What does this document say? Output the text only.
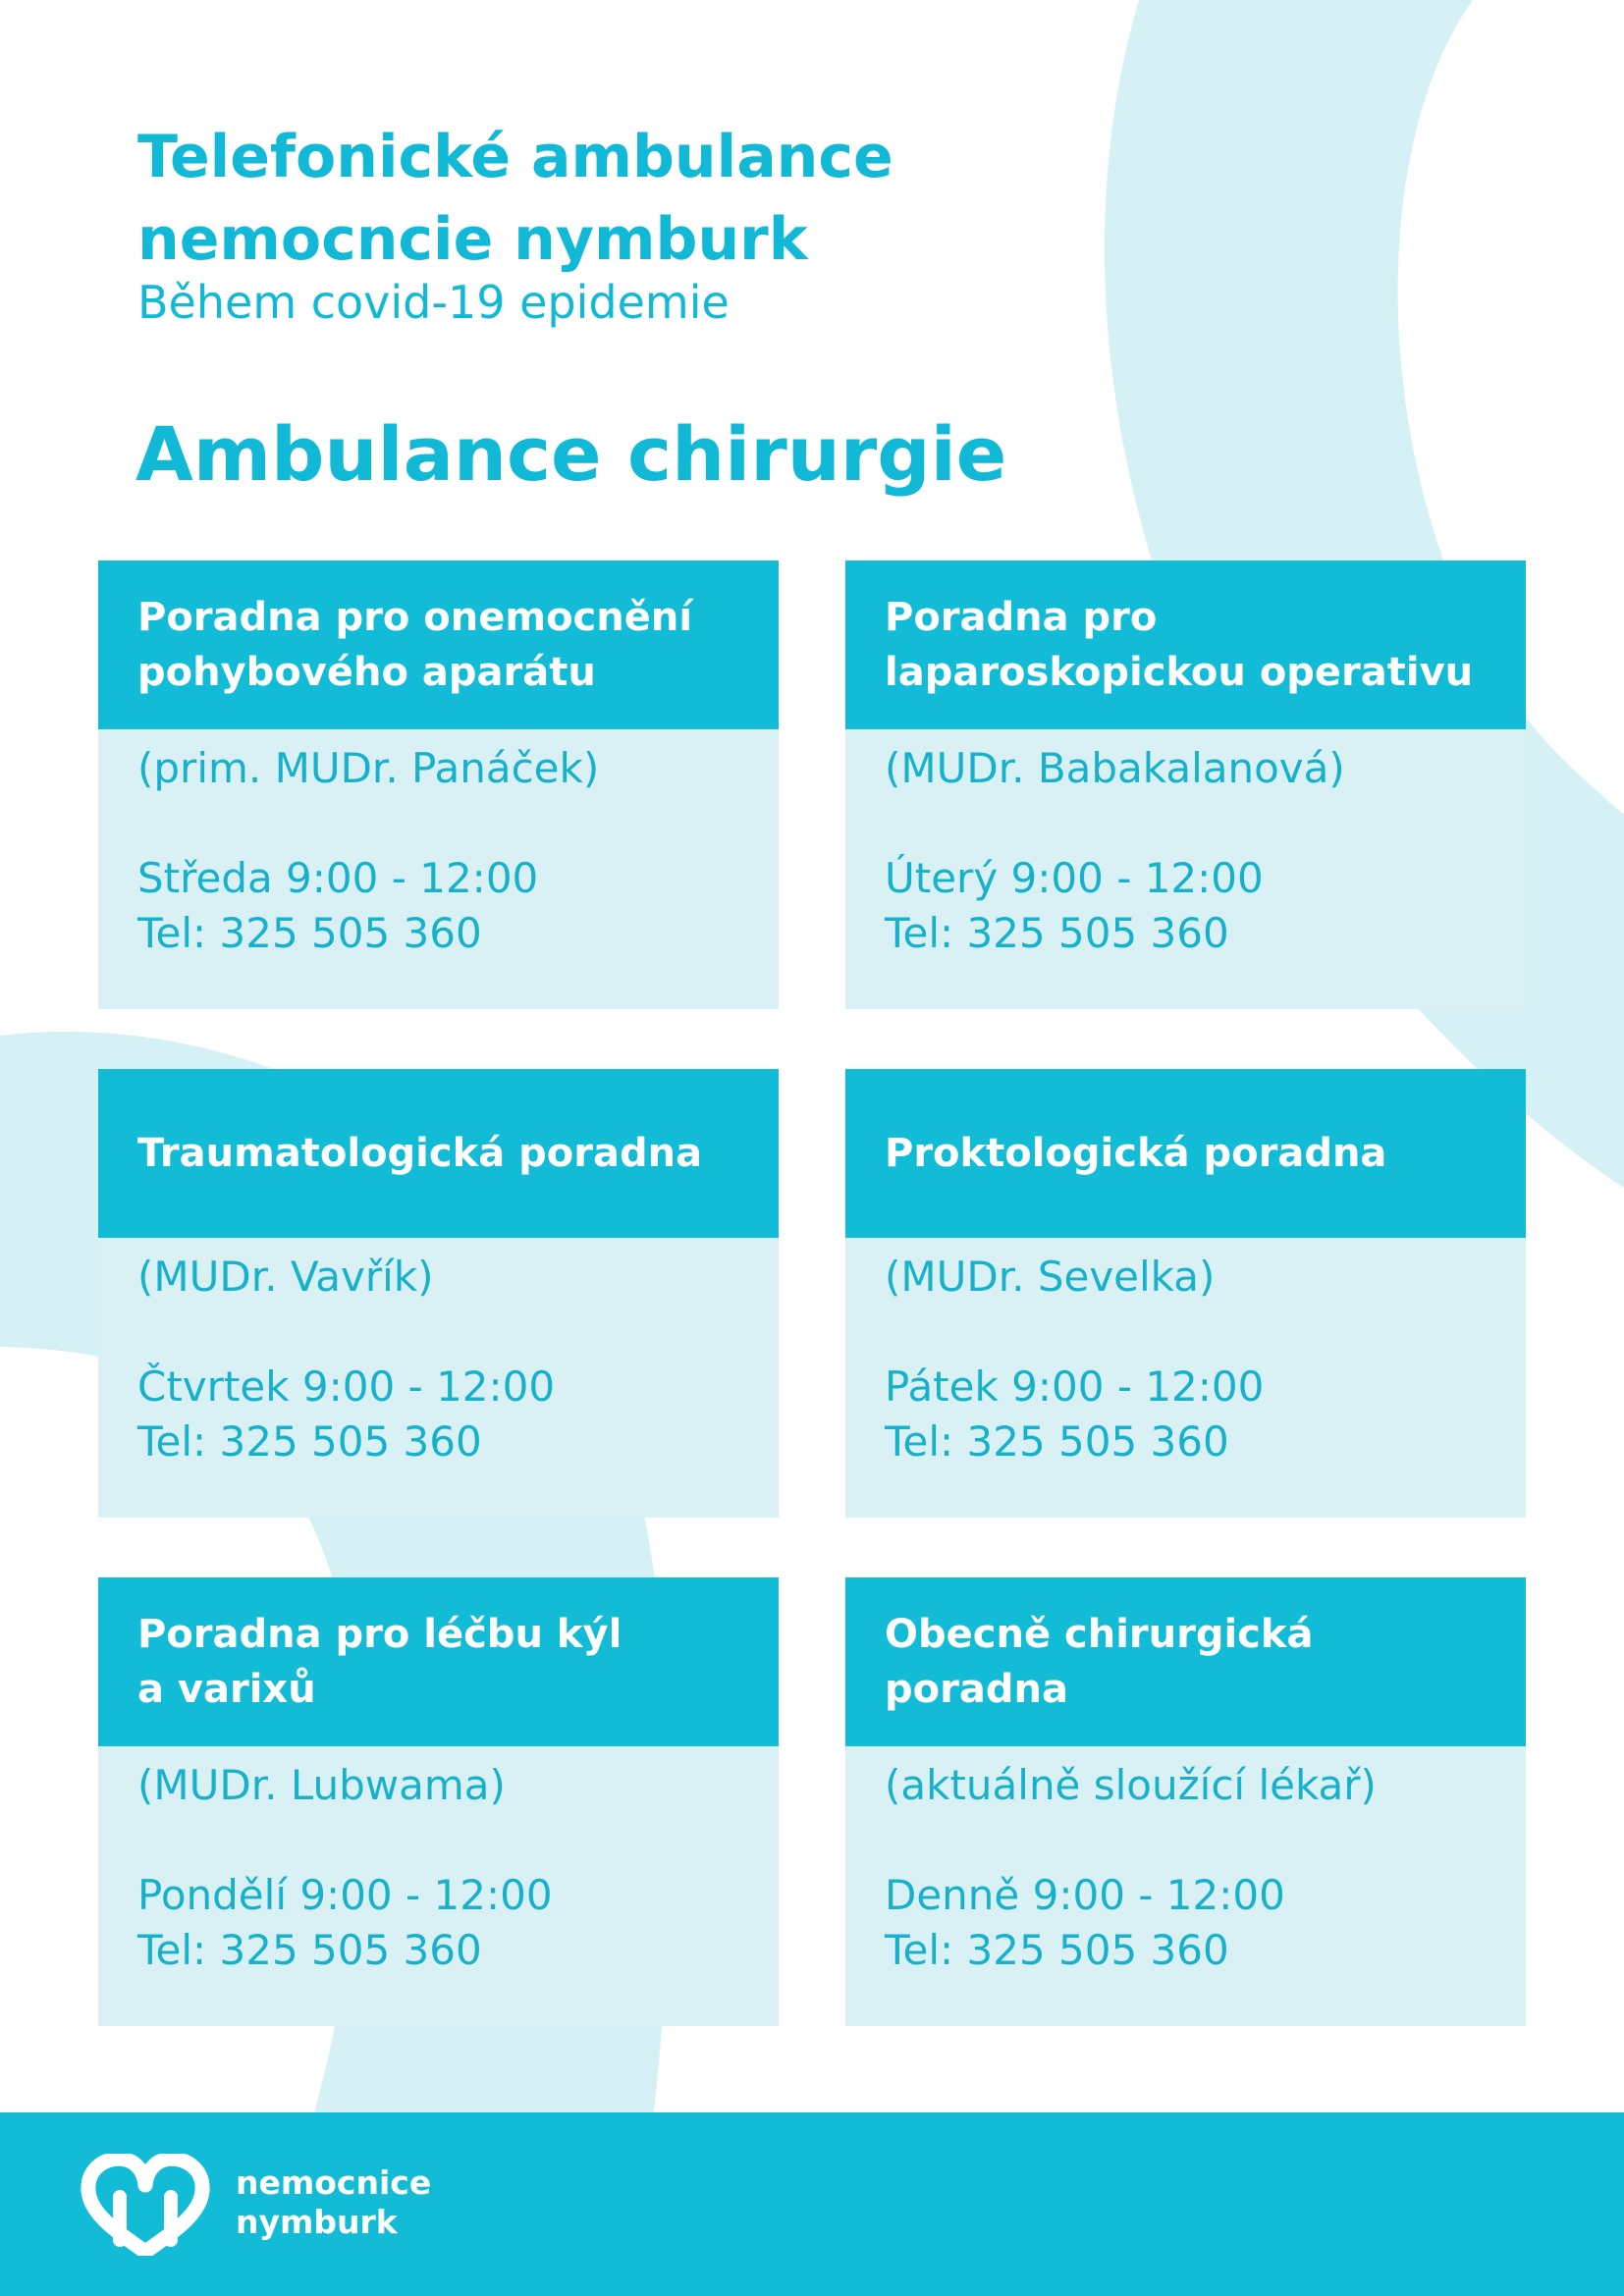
Telefonické ambulance
nemocncie nymburk
Během covid-19 epidemie
Ambulance chirurgie
Poradna pro onemocnění
pohybového aparátu
(prim. MUDr. Panáček)
Středa 9:00 - 12:00
Tel: 325 505 360
Poradna pro
laparoskopickou operativu
(MUDr. Babakalanová)
Úterý 9:00 - 12:00
Tel: 325 505 360
Traumatologická poradna
(MUDr. Vavřík)
Čtvrtek 9:00 - 12:00
Tel: 325 505 360
Proktologická poradna
(MUDr. Sevelka)
Pátek 9:00 - 12:00
Tel: 325 505 360
Poradna pro léčbu kýl
a varixů
(MUDr. Lubwama)
Pondělí 9:00 - 12:00
Tel: 325 505 360
Obecně chirurgická
poradna
(aktuálně sloužící lékař)
Denně 9:00 - 12:00
Tel: 325 505 360
nemocnice
nymburk
